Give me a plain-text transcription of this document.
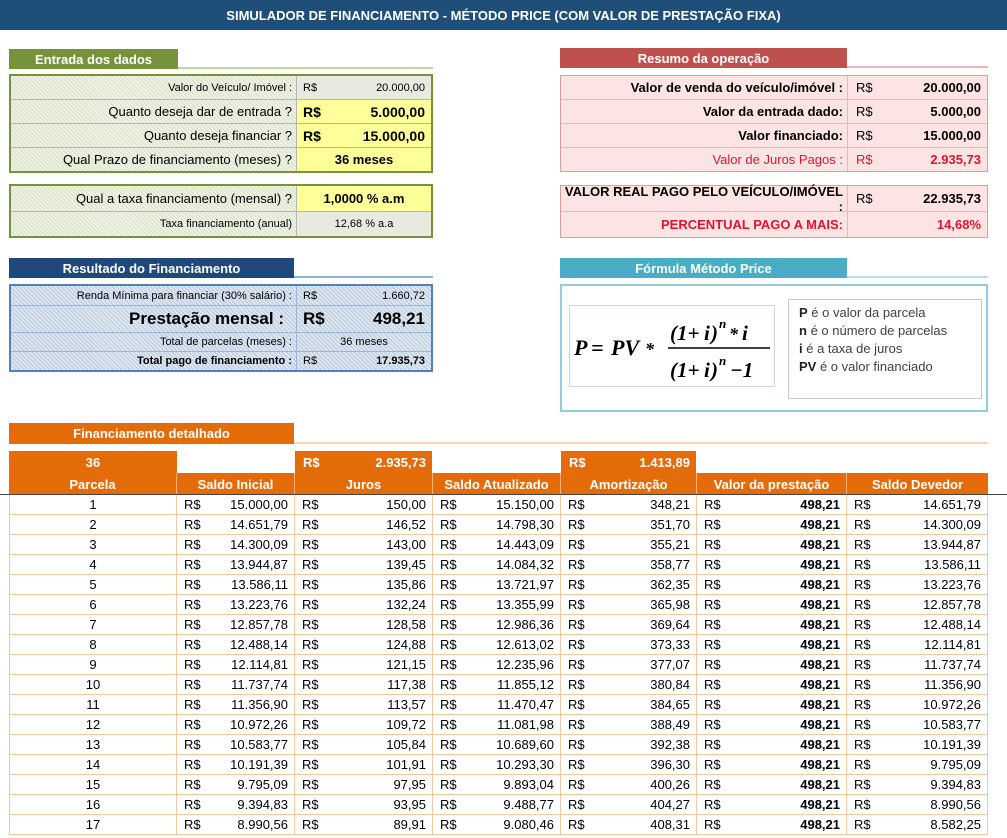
SIMULADOR DE FINANCIAMENTO - MÉTODO PRICE (COM VALOR DE PRESTAÇÃO FIXA)
Entrada dos dados
Valor do Veículo/ Imóvel :	R$	20.000,00
Quanto deseja dar de entrada ? R$	5.000,00
Quanto deseja financiar ? R$	15.000,00
Qual Prazo de financiamento (meses) ?	36 meses
Qual a taxa financiamento (mensal) ?	1,0000 % a.m
Taxa financiamento (anual)	12,68 % a.a
Resumo da operação
Valor de venda do veículo/imóvel :	R$	20.000,00
Valor da entrada dado:	R$	5.000,00
Valor financiado:	R$	15.000,00
Valor de Juros Pagos :	R$	2.935,73
VALOR REAL PAGO PELO VEÍCULO/IMÓVEL :	R$	22.935,73
PERCENTUAL PAGO A MAIS:	14,68%
Resultado do Financiamento
Renda Mínima para financiar (30% salário) :	R$	1.660,72
Prestação mensal :	R$	498,21
Total de parcelas (meses) :	36 meses
Total pago de financiamento :	R$	17.935,73
Fórmula Método Price
P = PV *
(1+ i ) n
* i
(1+ i ) n −1
P é o valor da parcela
n é o número de parcelas
i é a taxa de juros
PV é o valor financiado
Financiamento detalhado
36	R$	2.935,73	R$	1.413,89
Parcela	Saldo Inicial	Juros	Saldo Atualizado	Amortização	Valor da prestação	Saldo Devedor
1	R$ 15.000,00 R$	150,00 R$	15.150,00 R$	348,21 R$	498,21 R$	14.651,79
2	R$ 14.651,79 R$	146,52 R$	14.798,30 R$	351,70 R$	498,21 R$	14.300,09
3	R$ 14.300,09 R$	143,00 R$	14.443,09 R$	355,21 R$	498,21 R$	13.944,87
4	R$ 13.944,87 R$	139,45 R$	14.084,32 R$	358,77 R$	498,21 R$	13.586,11
5	R$ 13.586,11 R$	135,86 R$	13.721,97 R$	362,35 R$	498,21 R$	13.223,76
6	R$ 13.223,76 R$	132,24 R$	13.355,99 R$	365,98 R$	498,21 R$	12.857,78
7	R$ 12.857,78 R$	128,58 R$	12.986,36 R$	369,64 R$	498,21 R$	12.488,14
8	R$ 12.488,14 R$	124,88 R$	12.613,02 R$	373,33 R$	498,21 R$	12.114,81
9	R$ 12.114,81 R$	121,15 R$	12.235,96 R$	377,07 R$	498,21 R$	11.737,74
10	R$ 11.737,74 R$	117,38 R$	11.855,12 R$	380,84 R$	498,21 R$	11.356,90
11	R$ 11.356,90 R$	113,57 R$	11.470,47 R$	384,65 R$	498,21 R$	10.972,26
12	R$ 10.972,26 R$	109,72 R$	11.081,98 R$	388,49 R$	498,21 R$	10.583,77
13	R$ 10.583,77 R$	105,84 R$	10.689,60 R$	392,38 R$	498,21 R$	10.191,39
14	R$ 10.191,39 R$	101,91 R$	10.293,30 R$	396,30 R$	498,21 R$	9.795,09
15	R$	9.795,09 R$	97,95 R$	9.893,04 R$	400,26 R$	498,21 R$	9.394,83
16	R$	9.394,83 R$	93,95 R$	9.488,77 R$	404,27 R$	498,21 R$	8.990,56
17	R$	8.990,56 R$	89,91 R$	9.080,46 R$	408,31 R$	498,21 R$	8.582,25
